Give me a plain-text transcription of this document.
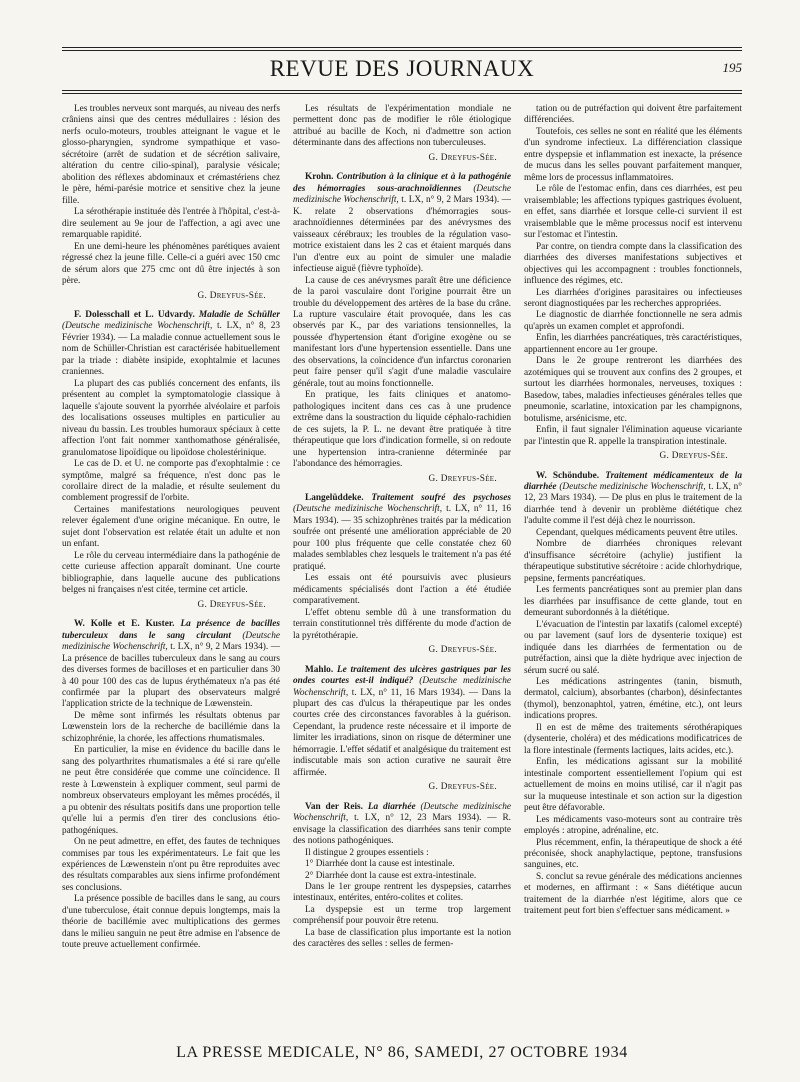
REVUE DES JOURNAUX	195

Les troubles nerveux sont marqués, au niveau des nerfs crâniens ainsi que des centres médullaires : lésion des nerfs oculo-moteurs, troubles atteignant le vague et le glosso-pharyngien, syndrome sympathique et vaso-sécrétoire (arrêt de sudation et de sécrétion salivaire, altération du centre cilio-spinal), paralysie vésicale; abolition des réflexes abdominaux et crémastériens chez le père, hémi-parésie motrice et sensitive chez la jeune fille.

La sérothérapie instituée dès l'entrée à l'hôpital, c'est-à-dire seulement au 9e jour de l'affection, a agi avec une remarquable rapidité.

En une demi-heure les phénomènes parétiques avaient régressé chez la jeune fille. Celle-ci a guéri avec 150 cmc de sérum alors que 275 cmc ont dû être injectés à son père.

G. Dreyfus-Sée.

F. Dolesschall et L. Udvardy. Maladie de Schüller (Deutsche medizinische Wochenschrift, t. LX, n° 8, 23 Février 1934). — La maladie connue actuellement sous le nom de Schüller-Christian est caractérisée habituellement par la triade : diabète insipide, exophtalmie et lacunes craniennes.

La plupart des cas publiés concernent des enfants, ils présentent au complet la symptomatologie classique à laquelle s'ajoute souvent la pyorrhée alvéolaire et parfois des localisations osseuses multiples en particulier au niveau du bassin. Les troubles humoraux spéciaux à cette affection l'ont fait nommer xanthomathose généralisée, granulomatose lipoïdique ou lipoïdose cholestérinique.

Le cas de D. et U. ne comporte pas d'exophtalmie : ce symptôme, malgré sa fréquence, n'est donc pas le corollaire direct de la maladie, et résulte seulement du comblement progressif de l'orbite.

Certaines manifestations neurologiques peuvent relever également d'une origine mécanique. En outre, le sujet dont l'observation est relatée était un adulte et non un enfant.

Le rôle du cerveau intermédiaire dans la pathogénie de cette curieuse affection apparaît dominant. Une courte bibliographie, dans laquelle aucune des publications belges ni françaises n'est citée, termine cet article.

G. Dreyfus-Sée.

W. Kolle et E. Kuster. La présence de bacilles tuberculeux dans le sang circulant (Deutsche medizinische Wochenschrift, t. LX, n° 9, 2 Mars 1934). — La présence de bacilles tuberculeux dans le sang au cours des diverses formes de bacilloses et en particulier dans 30 à 40 pour 100 des cas de lupus érythémateux n'a pas été confirmée par la plupart des observateurs malgré l'application stricte de la technique de Lœwenstein.

De même sont infirmés les résultats obtenus par Lœwenstein lors de la recherche de bacillémie dans la schizophrénie, la chorée, les affections rhumatismales.

En particulier, la mise en évidence du bacille dans le sang des polyarthrites rhumatismales a été si rare qu'elle ne peut être considérée que comme une coïncidence. Il reste à Lœwenstein à expliquer comment, seul parmi de nombreux observateurs employant les mêmes procédés, il a pu obtenir des résultats positifs dans une proportion telle qu'elle lui a permis d'en tirer des conclusions étio-pathogéniques.

On ne peut admettre, en effet, des fautes de techniques commises par tous les expérimentateurs. Le fait que les expériences de Lœwenstein n'ont pu être reproduites avec des résultats comparables aux siens infirme profondément ses conclusions.

La présence possible de bacilles dans le sang, au cours d'une tuberculose, était connue depuis longtemps, mais la théorie de bacillémie avec multiplications des germes dans le milieu sanguin ne peut être admise en l'absence de toute preuve actuellement confirmée.

Les résultats de l'expérimentation mondiale ne permettent donc pas de modifier le rôle étiologique attribué au bacille de Koch, ni d'admettre son action déterminante dans des affections non tuberculeuses.

G. Dreyfus-Sée.

Krohn. Contribution à la clinique et à la pathogénie des hémorragies sous-arachnoïdiennes (Deutsche medizinische Wochenschrift, t. LX, n° 9, 2 Mars 1934). — K. relate 2 observations d'hémorragies sous-arachnoïdiennes déterminées par des anévrysmes des vaisseaux cérébraux; les troubles de la régulation vaso-motrice existaient dans les 2 cas et étaient marqués dans l'un d'entre eux au point de simuler une maladie infectieuse aiguë (fièvre typhoïde).

La cause de ces anévrysmes paraît être une déficience de la paroi vasculaire dont l'origine pourrait être un trouble du développement des artères de la base du crâne. La rupture vasculaire était provoquée, dans les cas observés par K., par des variations tensionnelles, la poussée d'hypertension étant d'origine exogène ou se manifestant lors d'une hypertension essentielle. Dans une des observations, la coïncidence d'un infarctus coronarien peut faire penser qu'il s'agit d'une maladie vasculaire générale, tout au moins fonctionnelle.

En pratique, les faits cliniques et anatomo-pathologiques incitent dans ces cas à une prudence extrême dans la soustraction du liquide céphalo-rachidien de ces sujets, la P. L. ne devant être pratiquée à titre thérapeutique que lors d'indication formelle, si on redoute une hypertension intra-cranienne déterminée par l'abondance des hémorragies.

G. Dreyfus-Sée.

Langelüddeke. Traitement soufré des psychoses (Deutsche medizinische Wochenschrift, t. LX, n° 11, 16 Mars 1934). — 35 schizophrènes traités par la médication soufrée ont présenté une amélioration appréciable de 20 pour 100 plus fréquente que celle constatée chez 60 malades semblables chez lesquels le traitement n'a pas été pratiqué.

Les essais ont été poursuivis avec plusieurs médicaments spécialisés dont l'action a été étudiée comparativement.

L'effet obtenu semble dû à une transformation du terrain constitutionnel très différente du mode d'action de la pyrétothérapie.

G. Dreyfus-Sée.

Mahlo. Le traitement des ulcères gastriques par les ondes courtes est-il indiqué? (Deutsche medizinische Wochenschrift, t. LX, n° 11, 16 Mars 1934). — Dans la plupart des cas d'ulcus la thérapeutique par les ondes courtes crée des circonstances favorables à la guérison. Cependant, la prudence reste nécessaire et il importe de limiter les irradiations, sinon on risque de déterminer une hémorragie. L'effet sédatif et analgésique du traitement est indiscutable mais son action curative ne saurait être affirmée.

G. Dreyfus-Sée.

Van der Reis. La diarrhée (Deutsche medizinische Wochenschrift, t. LX, n° 12, 23 Mars 1934). — R. envisage la classification des diarrhées sans tenir compte des notions pathogéniques.

Il distingue 2 groupes essentiels :

1° Diarrhée dont la cause est intestinale.

2° Diarrhée dont la cause est extra-intestinale.

Dans le 1er groupe rentrent les dyspepsies, catarrhes intestinaux, entérites, entéro-colites et colites.

La dyspepsie est un terme trop largement compréhensif pour pouvoir être retenu.

La base de classification plus importante est la notion des caractères des selles : selles de fermen-

tation ou de putréfaction qui doivent être parfaitement différenciées.

Toutefois, ces selles ne sont en réalité que les éléments d'un syndrome infectieux. La différenciation classique entre dyspepsie et inflammation est inexacte, la présence de mucus dans les selles pouvant parfaitement manquer, même lors de processus inflammatoires.

Le rôle de l'estomac enfin, dans ces diarrhées, est peu vraisemblable; les affections typiques gastriques évoluent, en effet, sans diarrhée et lorsque celle-ci survient il est vraisemblable que le même processus nocif est intervenu sur l'estomac et l'intestin.

Par contre, on tiendra compte dans la classification des diarrhées des diverses manifestations subjectives et objectives qui les accompagnent : troubles fonctionnels, influence des régimes, etc.

Les diarrhées d'origines parasitaires ou infectieuses seront diagnostiquées par les recherches appropriées.

Le diagnostic de diarrhée fonctionnelle ne sera admis qu'après un examen complet et approfondi.

Enfin, les diarrhées pancréatiques, très caractéristiques, appartiennent encore au 1er groupe.

Dans le 2e groupe rentreront les diarrhées des azotémiques qui se trouvent aux confins des 2 groupes, et surtout les diarrhées hormonales, nerveuses, toxiques : Basedow, tabes, maladies infectieuses générales telles que pneumonie, scarlatine, intoxication par les champignons, botulisme, arsénicisme, etc.

Enfin, il faut signaler l'élimination aqueuse vicariante par l'intestin que R. appelle la transpiration intestinale.

G. Dreyfus-Sée.

W. Schöndube. Traitement médicamenteux de la diarrhée (Deutsche medizinische Wochenschrift, t. LX, n° 12, 23 Mars 1934). — De plus en plus le traitement de la diarrhée tend à devenir un problème diététique chez l'adulte comme il l'est déjà chez le nourrisson.

Cependant, quelques médicaments peuvent être utiles.

Nombre de diarrhées chroniques relevant d'insuffisance sécrétoire (achylie) justifient la thérapeutique substitutive sécrétoire : acide chlorhydrique, pepsine, ferments pancréatiques.

Les ferments pancréatiques sont au premier plan dans les diarrhées par insuffisance de cette glande, tout en demeurant subordonnés à la diététique.

L'évacuation de l'intestin par laxatifs (calomel excepté) ou par lavement (sauf lors de dysenterie toxique) est indiquée dans les diarrhées de fermentation ou de putréfaction, ainsi que la diète hydrique avec injection de sérum sucré ou salé.

Les médications astringentes (tanin, bismuth, dermatol, calcium), absorbantes (charbon), désinfectantes (thymol), benzonaphtol, yatren, émétine, etc.), ont leurs indications propres.

Il en est de même des traitements sérothérapiques (dysenterie, choléra) et des médications modificatrices de la flore intestinale (ferments lactiques, laits acides, etc.).

Enfin, les médications agissant sur la mobilité intestinale comportent essentiellement l'opium qui est actuellement de moins en moins utilisé, car il n'agit pas sur la muqueuse intestinale et son action sur la digestion peut être défavorable.

Les médicaments vaso-moteurs sont au contraire très employés : atropine, adrénaline, etc.

Plus récemment, enfin, la thérapeutique de shock a été préconisée, shock anaphylactique, peptone, transfusions sanguines, etc.

S. conclut sa revue générale des médications anciennes et modernes, en affirmant : « Sans diététique aucun traitement de la diarrhée n'est légitime, alors que ce traitement peut fort bien s'effectuer sans médicament. »

LA PRESSE MEDICALE, N° 86, SAMEDI, 27 OCTOBRE 1934
